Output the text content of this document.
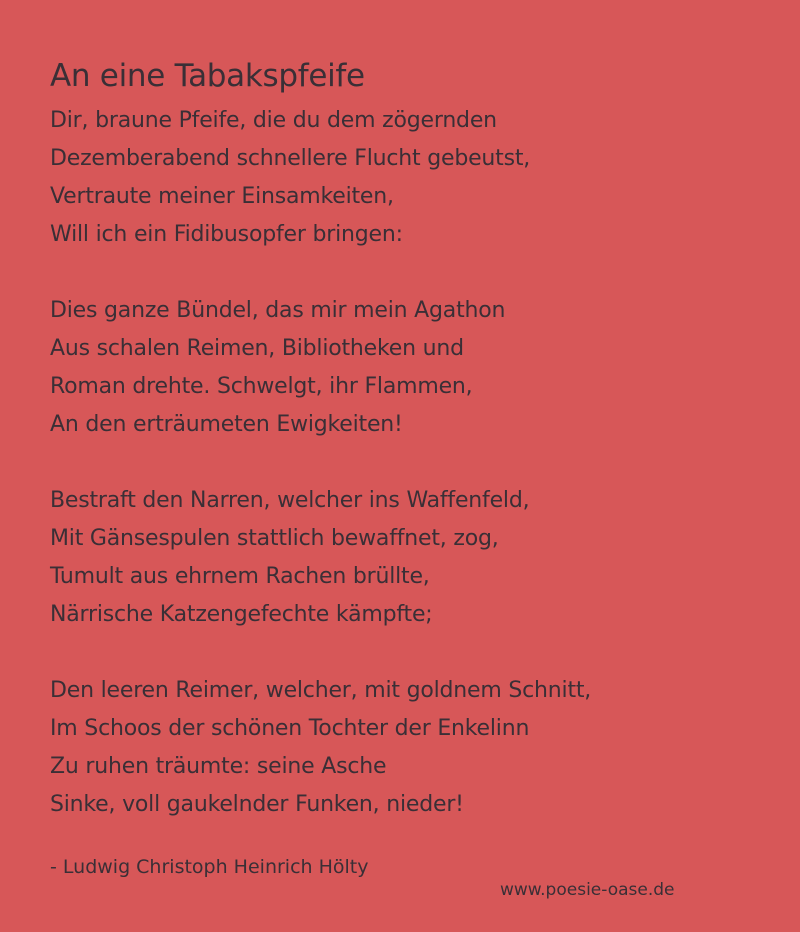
An eine Tabakspfeife
Dir, braune Pfeife, die du dem zögernden
Dezemberabend schnellere Flucht gebeutst,
Vertraute meiner Einsamkeiten,
Will ich ein Fidibusopfer bringen:
Dies ganze Bündel, das mir mein Agathon
Aus schalen Reimen, Bibliotheken und
Roman drehte. Schwelgt, ihr Flammen,
An den erträumeten Ewigkeiten!
Bestraft den Narren, welcher ins Waffenfeld,
Mit Gänsespulen stattlich bewaffnet, zog,
Tumult aus ehrnem Rachen brüllte,
Närrische Katzengefechte kämpfte;
Den leeren Reimer, welcher, mit goldnem Schnitt,
Im Schoos der schönen Tochter der Enkelinn
Zu ruhen träumte: seine Asche
Sinke, voll gaukelnder Funken, nieder!
- Ludwig Christoph Heinrich Hölty
www.poesie-oase.de
